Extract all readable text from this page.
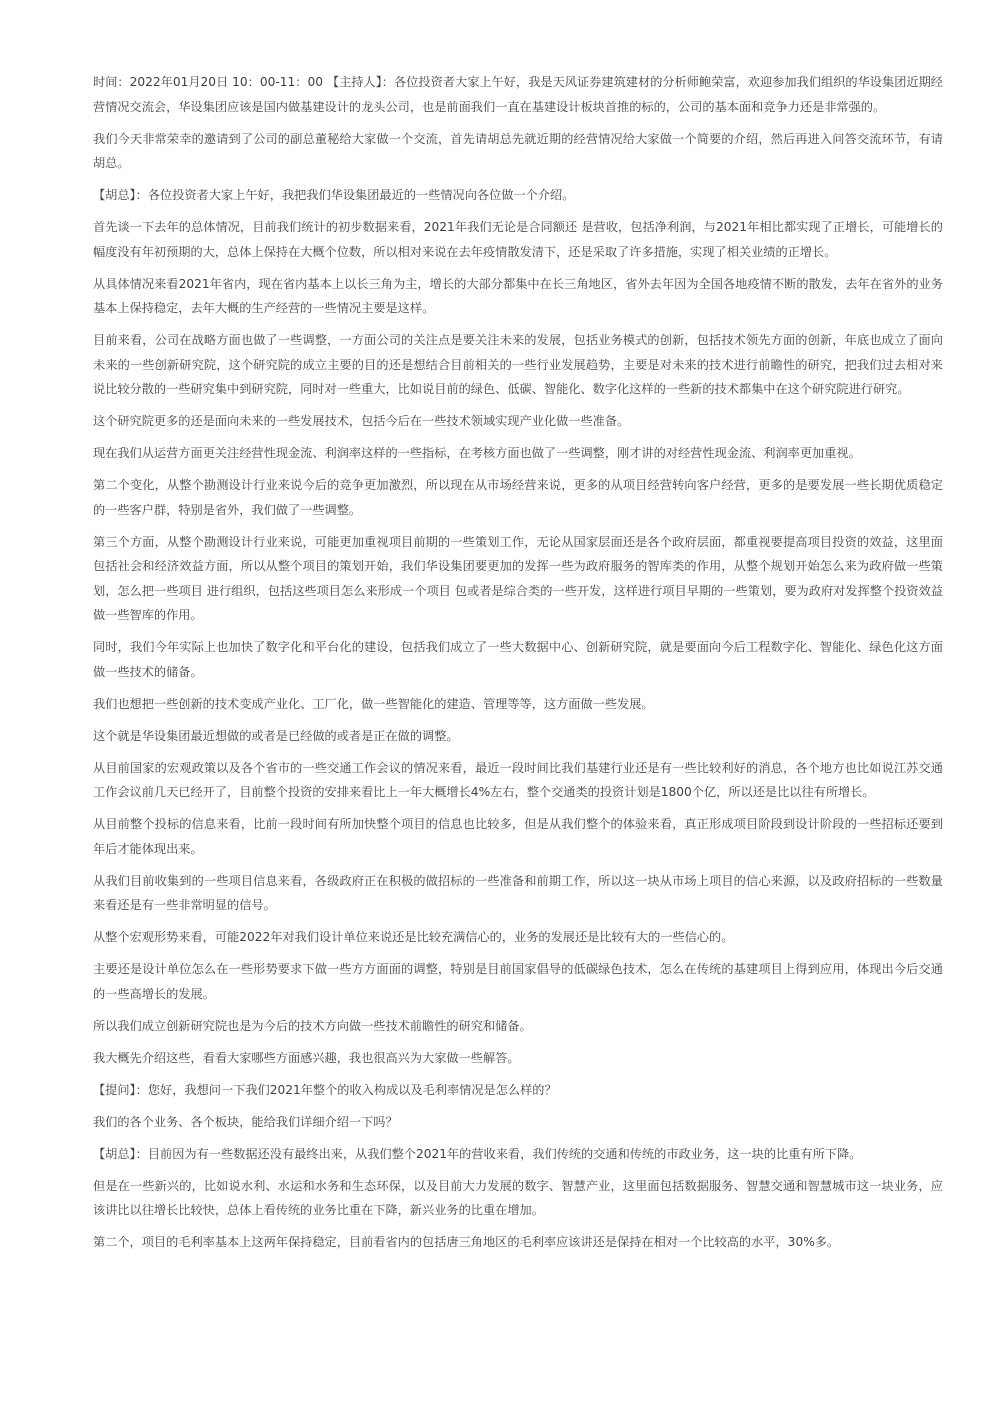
时间：2022年01月20日 10：00-11：00 【主持人】：各位投资者大家上午好，我是天风证券建筑建材的分析师鲍荣富，欢迎参加我们组织的华设集团近期经营情况交流会，华设集团应该是国内做基建设计的龙头公司，也是前面我们一直在基建设计板块首推的标的，公司的基本面和竞争力还是非常强的。

我们今天非常荣幸的邀请到了公司的副总董秘给大家做一个交流，首先请胡总先就近期的经营情况给大家做一个简要的介绍，然后再进入问答交流环节，有请胡总。

【胡总】：各位投资者大家上午好，我把我们华设集团最近的一些情况向各位做一个介绍。

首先谈一下去年的总体情况，目前我们统计的初步数据来看，2021年我们无论是合同额还 是营收，包括净利润，与2021年相比都实现了正增长，可能增长的幅度没有年初预期的大，总体上保持在大概个位数，所以相对来说在去年疫情散发清下，还是采取了许多措施，实现了相关业绩的正增长。

从具体情况来看2021年省内，现在省内基本上以长三角为主，增长的大部分都集中在长三角地区，省外去年因为全国各地疫情不断的散发，去年在省外的业务基本上保持稳定，去年大概的生产经营的一些情况主要是这样。

目前来看，公司在战略方面也做了一些调整，一方面公司的关注点是要关注未来的发展，包括业务模式的创新，包括技术领先方面的创新，年底也成立了面向未来的一些创新研究院，这个研究院的成立主要的目的还是想结合目前相关的一些行业发展趋势，主要是对未来的技术进行前瞻性的研究，把我们过去相对来说比较分散的一些研究集中到研究院，同时对一些重大，比如说目前的绿色、低碳、智能化、数字化这样的一些新的技术都集中在这个研究院进行研究。

这个研究院更多的还是面向未来的一些发展技术，包括今后在一些技术领域实现产业化做一些准备。

现在我们从运营方面更关注经营性现金流、利润率这样的一些指标，在考核方面也做了一些调整，刚才讲的对经营性现金流、利润率更加重视。

第二个变化，从整个勘测设计行业来说今后的竞争更加激烈，所以现在从市场经营来说，更多的从项目经营转向客户经营，更多的是要发展一些长期优质稳定的一些客户群，特别是省外，我们做了一些调整。

第三个方面，从整个勘测设计行业来说，可能更加重视项目前期的一些策划工作，无论从国家层面还是各个政府层面，都重视要提高项目投资的效益，这里面包括社会和经济效益方面，所以从整个项目的策划开始，我们华设集团要更加的发挥一些为政府服务的智库类的作用，从整个规划开始怎么来为政府做一些策划，怎么把一些项目 进行组织，包括这些项目怎么来形成一个项目 包或者是综合类的一些开发，这样进行项目早期的一些策划，要为政府对发挥整个投资效益做一些智库的作用。

同时，我们今年实际上也加快了数字化和平台化的建设，包括我们成立了一些大数据中心、创新研究院，就是要面向今后工程数字化、智能化、绿色化这方面做一些技术的储备。

我们也想把一些创新的技术变成产业化、工厂化，做一些智能化的建造、管理等等，这方面做一些发展。

这个就是华设集团最近想做的或者是已经做的或者是正在做的调整。

从目前国家的宏观政策以及各个省市的一些交通工作会议的情况来看，最近一段时间比我们基建行业还是有一些比较利好的消息，各个地方也比如说江苏交通工作会议前几天已经开了，目前整个投资的安排来看比上一年大概增长4%左右，整个交通类的投资计划是1800个亿，所以还是比以往有所增长。

从目前整个投标的信息来看，比前一段时间有所加快整个项目的信息也比较多，但是从我们整个的体验来看，真正形成项目阶段到设计阶段的一些招标还要到年后才能体现出来。

从我们目前收集到的一些项目信息来看，各级政府正在积极的做招标的一些准备和前期工作，所以这一块从市场上项目的信心来源，以及政府招标的一些数量来看还是有一些非常明显的信号。

从整个宏观形势来看，可能2022年对我们设计单位来说还是比较充满信心的，业务的发展还是比较有大的一些信心的。

主要还是设计单位怎么在一些形势要求下做一些方方面面的调整，特别是目前国家倡导的低碳绿色技术，怎么在传统的基建项目上得到应用，体现出今后交通的一些高增长的发展。

所以我们成立创新研究院也是为今后的技术方向做一些技术前瞻性的研究和储备。

我大概先介绍这些，看看大家哪些方面感兴趣，我也很高兴为大家做一些解答。

【提问】：您好，我想问一下我们2021年整个的收入构成以及毛利率情况是怎么样的？

我们的各个业务、各个板块，能给我们详细介绍一下吗？

【胡总】：目前因为有一些数据还没有最终出来，从我们整个2021年的营收来看，我们传统的交通和传统的市政业务，这一块的比重有所下降。

但是在一些新兴的，比如说水利、水运和水务和生态环保，以及目前大力发展的数字、智慧产业，这里面包括数据服务、智慧交通和智慧城市这一块业务，应该讲比以往增长比较快，总体上看传统的业务比重在下降，新兴业务的比重在增加。

第二个，项目的毛利率基本上这两年保持稳定，目前看省内的包括唐三角地区的毛利率应该讲还是保持在相对一个比较高的水平，30%多。
